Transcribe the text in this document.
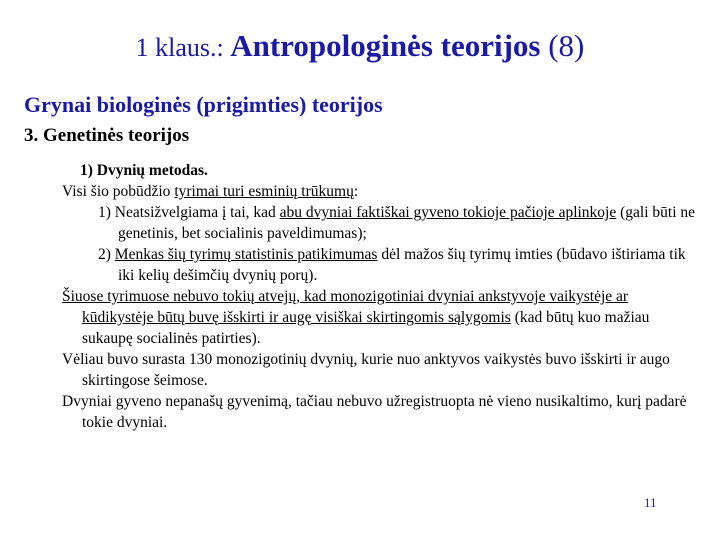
1 klaus.: Antropologinės teorijos (8)
Grynai biologinės (prigimties) teorijos
3. Genetinės teorijos

1) Dvynių metodas.

Visi šio pobūdžio tyrimai turi esminių trūkumų:

1) Neatsižvelgiama į tai, kad abu dvyniai faktiškai gyveno tokioje pačioje aplinkoje (gali būti ne genetinis, bet socialinis paveldimumas);

2) Menkas šių tyrimų statistinis patikimumas dėl mažos šių tyrimų imties (būdavo ištiriama tik iki kelių dešimčių dvynių porų).

Šiuose tyrimuose nebuvo tokių atvejų, kad monozigotiniai dvyniai ankstyvoje vaikystėje ar kūdikystėje būtų buvę išskirti ir augę visiškai skirtingomis sąlygomis (kad būtų kuo mažiau sukaupę socialinės patirties).

Vėliau buvo surasta 130 monozigotinių dvynių, kurie nuo anktyvos vaikystės buvo išskirti ir augo skirtingose šeimose.

Dvyniai gyveno nepanašų gyvenimą, tačiau nebuvo užregistruopta nė vieno nusikaltimo, kurį padarė tokie dvyniai.

11
